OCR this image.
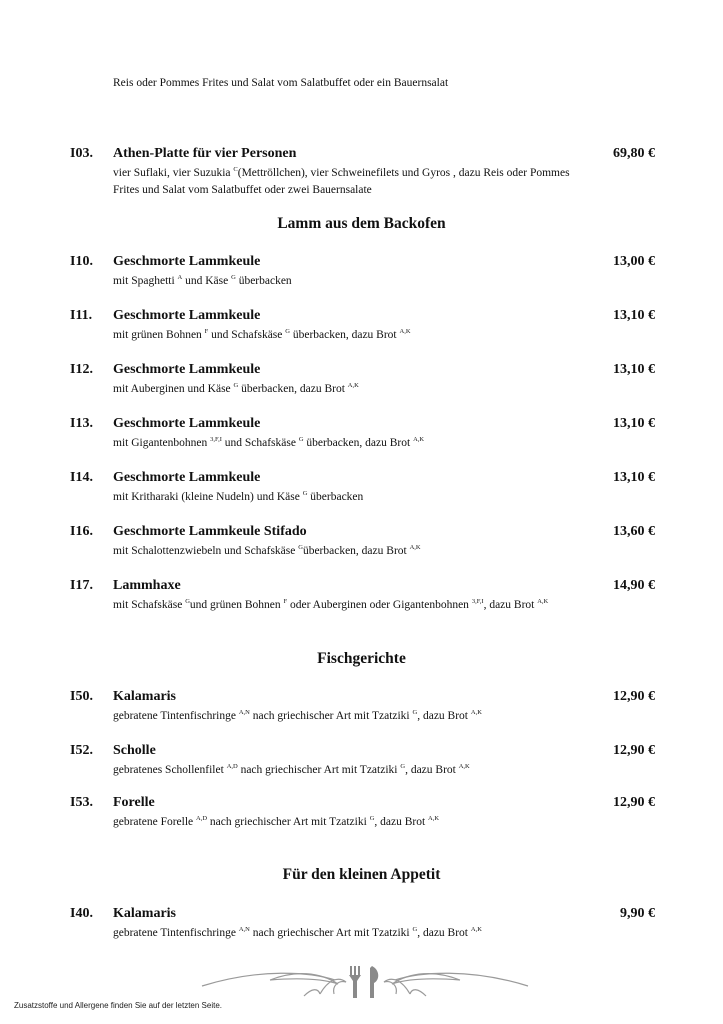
Reis oder Pommes Frites und Salat vom Salatbuffet oder ein Bauernsalat
I03. Athen-Platte für vier Personen	69,80 €
vier Suflaki, vier Suzukia $^C$(Mettröllchen), vier Schweinefilets und Gyros , dazu Reis oder Pommes
Frites und Salat vom Salatbuffet oder zwei Bauernsalate
Lamm aus dem Backofen
I10. Geschmorte Lammkeule	13,00 €
mit Spaghetti $^A$ und Käse $^G$ überbacken
I11. Geschmorte Lammkeule	13,10 €
mit grünen Bohnen $^F$ und Schafskäse $^G$ überbacken, dazu Brot $^{A,K}$
I12. Geschmorte Lammkeule	13,10 €
mit Auberginen und Käse $^G$ überbacken, dazu Brot $^{A,K}$
I13. Geschmorte Lammkeule	13,10 €
mit Gigantenbohnen $^{3,F,I}$ und Schafskäse $^G$ überbacken, dazu Brot $^{A,K}$
I14. Geschmorte Lammkeule	13,10 €
mit Kritharaki (kleine Nudeln) und Käse $^G$ überbacken
I16. Geschmorte Lammkeule Stifado	13,60 €
mit Schalottenzwiebeln und Schafskäse $^G$überbacken, dazu Brot $^{A,K}$
I17. Lammhaxe	14,90 €
mit Schafskäse $^G$und grünen Bohnen $^F$ oder Auberginen oder Gigantenbohnen $^{3,F,I}$, dazu Brot $^{A,K}$
Fischgerichte
I50. Kalamaris	12,90 €
gebratene Tintenfischringe $^{A,N}$ nach griechischer Art mit Tzatziki $^G$, dazu Brot $^{A,K}$
I52. Scholle	12,90 €
gebratenes Schollenfilet $^{A,D}$ nach griechischer Art mit Tzatziki $^G$, dazu Brot $^{A,K}$
I53. Forelle	12,90 €
gebratene Forelle $^{A,D}$ nach griechischer Art mit Tzatziki $^G$, dazu Brot $^{A,K}$
Für den kleinen Appetit
I40. Kalamaris	9,90 €
gebratene Tintenfischringe $^{A,N}$ nach griechischer Art mit Tzatziki $^G$, dazu Brot $^{A,K}$
Zusatzstoffe und Allergene finden Sie auf der letzten Seite.
